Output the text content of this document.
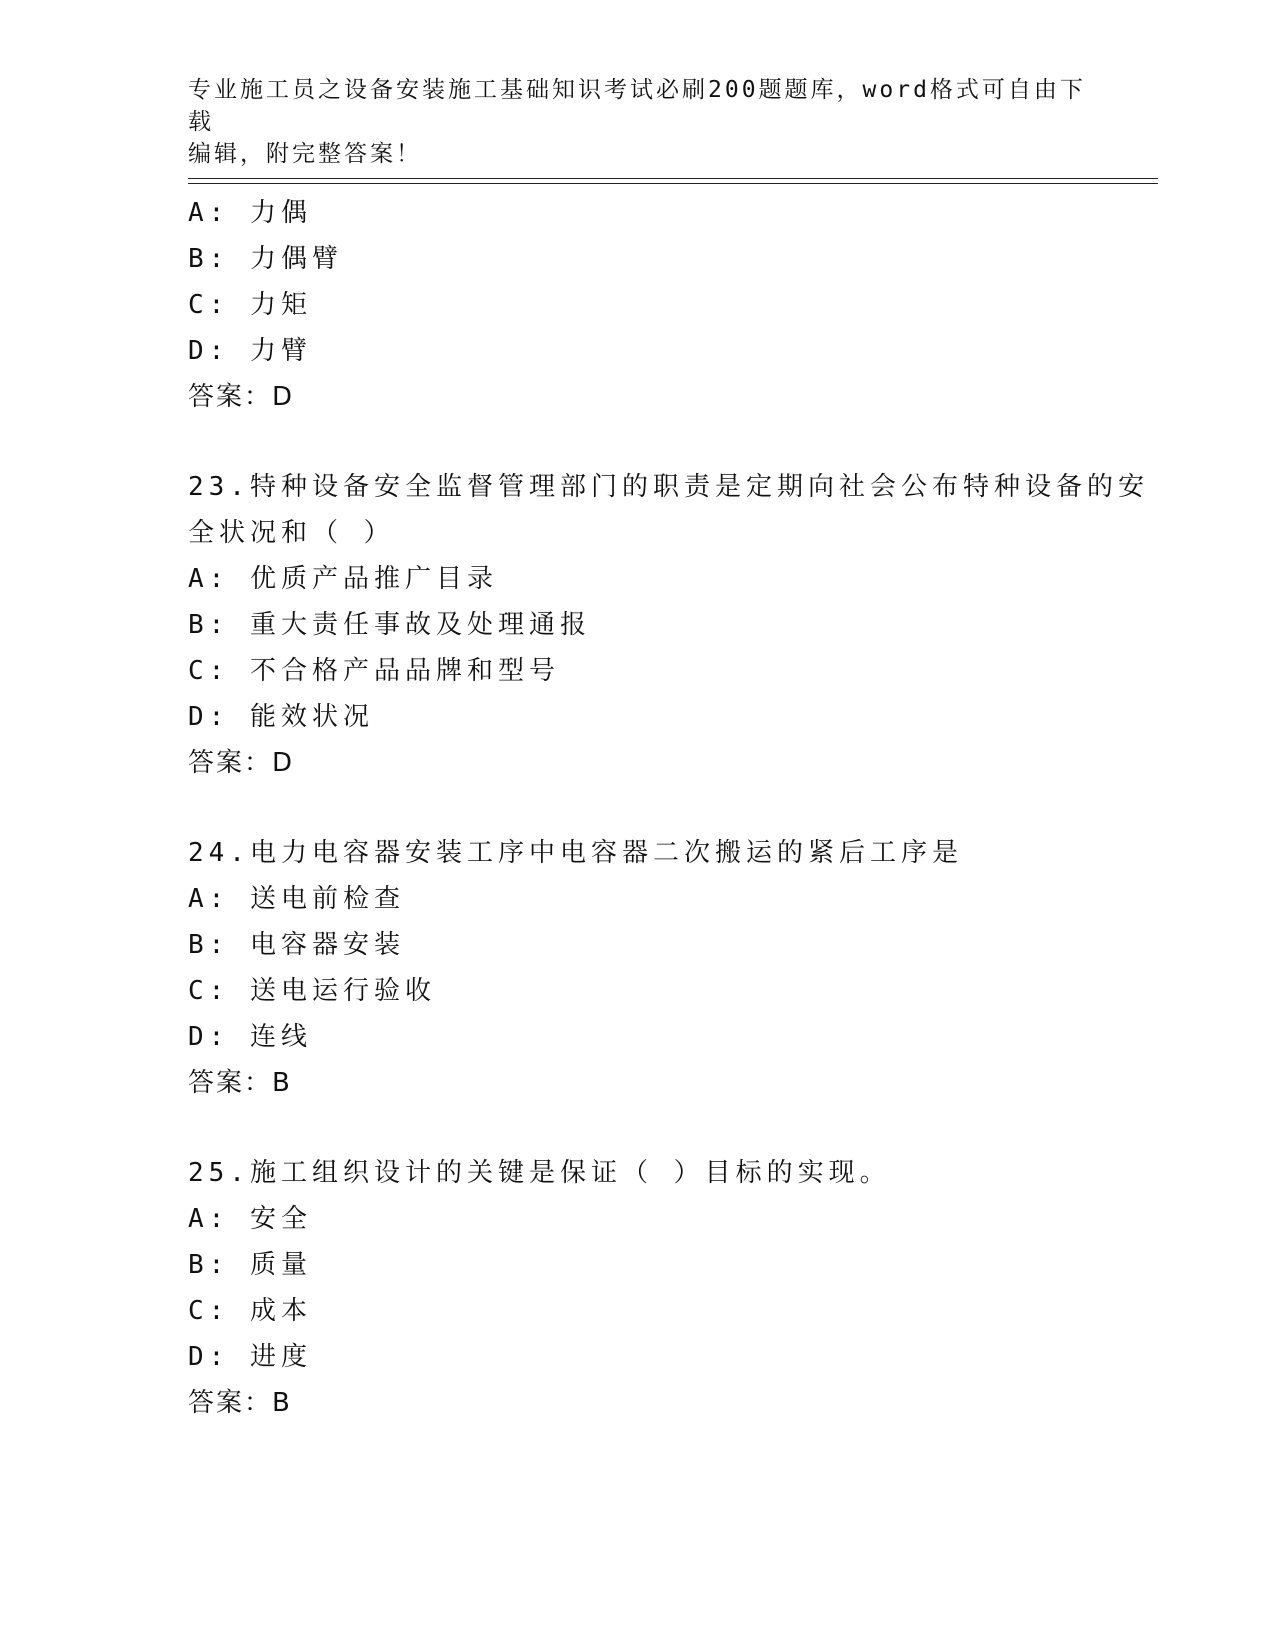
专业施工员之设备安装施工基础知识考试必刷200题题库，word格式可自由下载
编辑，附完整答案！
A: 力偶
B: 力偶臂
C: 力矩
D: 力臂
答案：D
23.特种设备安全监督管理部门的职责是定期向社会公布特种设备的安
全状况和（ ）
A: 优质产品推广目录
B: 重大责任事故及处理通报
C: 不合格产品品牌和型号
D: 能效状况
答案：D
24.电力电容器安装工序中电容器二次搬运的紧后工序是
A: 送电前检查
B: 电容器安装
C: 送电运行验收
D: 连线
答案：B
25.施工组织设计的关键是保证（ ）目标的实现。
A: 安全
B: 质量
C: 成本
D: 进度
答案：B
